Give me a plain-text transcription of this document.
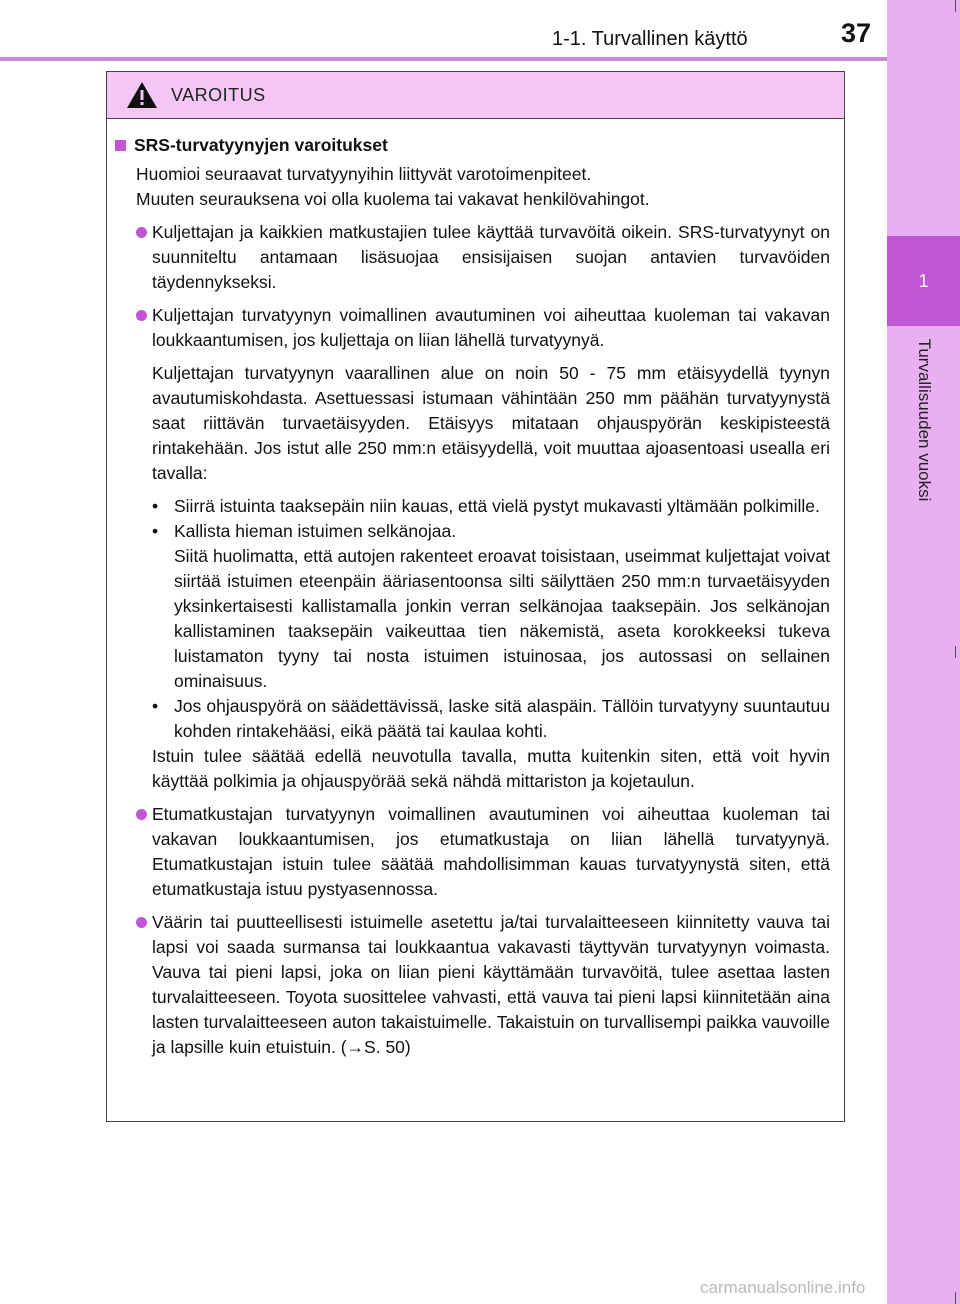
1
Turvallisuuden vuoksi
1-1. Turvallinen käyttö	37
VAROITUS
SRS-turvatyynyjen varoitukset

Huomioi seuraavat turvatyynyihin liittyvät varotoimenpiteet.

Muuten seurauksena voi olla kuolema tai vakavat henkilövahingot.

Kuljettajan ja kaikkien matkustajien tulee käyttää turvavöitä oikein. SRS-turvatyynyt on suunniteltu antamaan lisäsuojaa ensisijaisen suojan antavien turvavöiden täydennykseksi.

Kuljettajan turvatyynyn voimallinen avautuminen voi aiheuttaa kuoleman tai vakavan loukkaantumisen, jos kuljettaja on liian lähellä turvatyynyä.

Kuljettajan turvatyynyn vaarallinen alue on noin 50 - 75 mm etäisyydellä tyynyn avautumiskohdasta. Asettuessasi istumaan vähintään 250 mm päähän turvatyynystä saat riittävän turvaetäisyyden. Etäisyys mitataan ohjauspyörän keskipisteestä rintakehään. Jos istut alle 250 mm:n etäisyydellä, voit muuttaa ajoasentoasi usealla eri tavalla:

• Siirrä istuinta taaksepäin niin kauas, että vielä pystyt mukavasti yltämään polkimille.
• Kallista hieman istuimen selkänojaa.
Siitä huolimatta, että autojen rakenteet eroavat toisistaan, useimmat kuljettajat voivat siirtää istuimen eteenpäin ääriasentoonsa silti säilyttäen 250 mm:n turvaetäisyyden yksinkertaisesti kallistamalla jonkin verran selkänojaa taaksepäin. Jos selkänojan kallistaminen taaksepäin vaikeuttaa tien näkemistä, aseta korokkeeksi tukeva luistamaton tyyny tai nosta istuimen istuinosaa, jos autossasi on sellainen ominaisuus.
• Jos ohjauspyörä on säädettävissä, laske sitä alaspäin. Tällöin turvatyyny suuntautuu kohden rintakehääsi, eikä päätä tai kaulaa kohti.

Istuin tulee säätää edellä neuvotulla tavalla, mutta kuitenkin siten, että voit hyvin käyttää polkimia ja ohjauspyörää sekä nähdä mittariston ja kojetaulun.

Etumatkustajan turvatyynyn voimallinen avautuminen voi aiheuttaa kuoleman tai vakavan loukkaantumisen, jos etumatkustaja on liian lähellä turvatyynyä. Etumatkustajan istuin tulee säätää mahdollisimman kauas turvatyynystä siten, että etumatkustaja istuu pystyasennossa.

Väärin tai puutteellisesti istuimelle asetettu ja/tai turvalaitteeseen kiinnitetty vauva tai lapsi voi saada surmansa tai loukkaantua vakavasti täyttyvän turvatyynyn voimasta. Vauva tai pieni lapsi, joka on liian pieni käyttämään turvavöitä, tulee asettaa lasten turvalaitteeseen. Toyota suosittelee vahvasti, että vauva tai pieni lapsi kiinnitetään aina lasten turvalaitteeseen auton takaistuimelle. Takaistuin on turvallisempi paikka vauvoille ja lapsille kuin etuistuin. (→S. 50)

carmanualsonline.info
